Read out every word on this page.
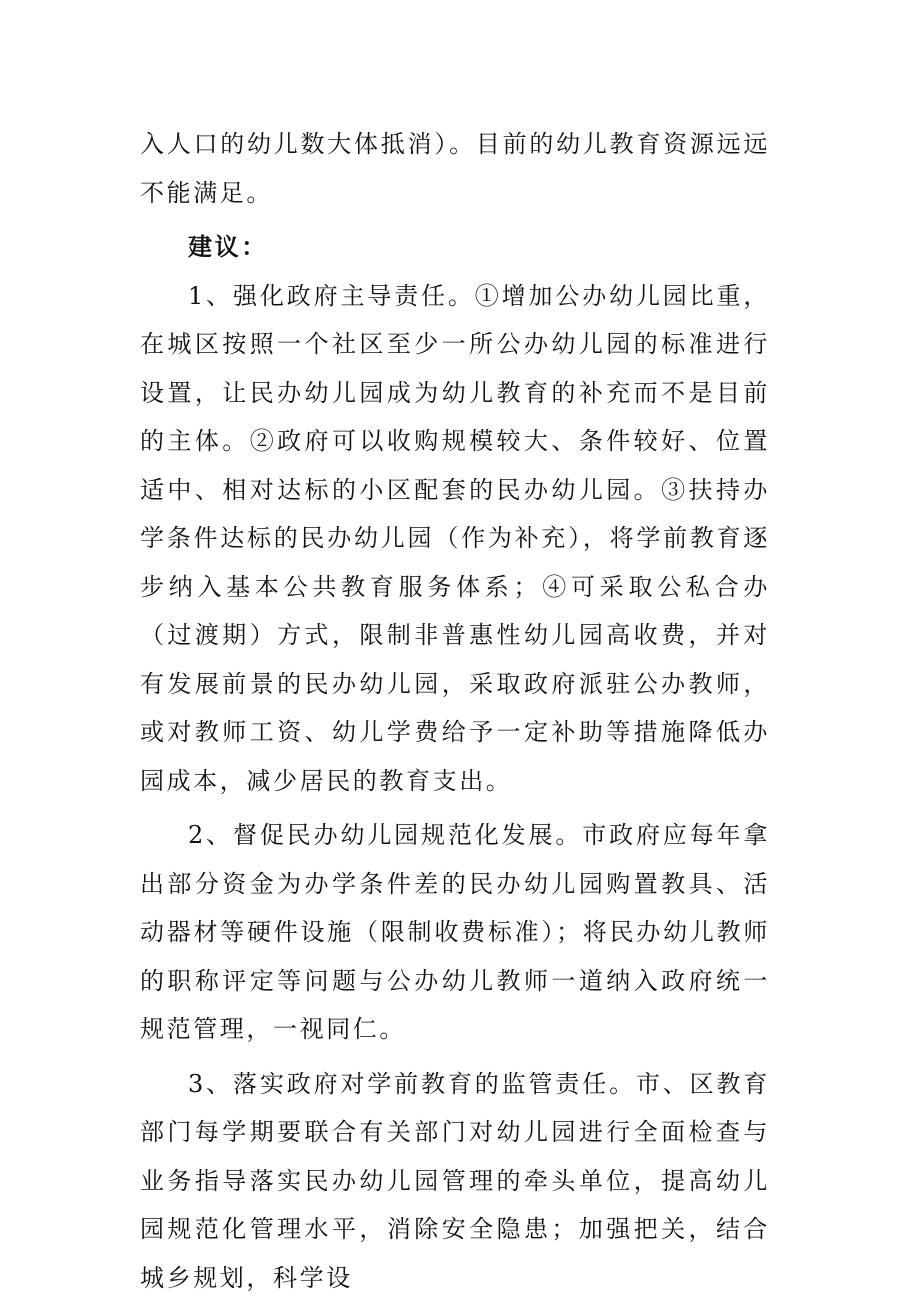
入人口的幼儿数大体抵消）。目前的幼儿教育资源远远不能满足。

建议：

1、强化政府主导责任。①增加公办幼儿园比重，在城区按照一个社区至少一所公办幼儿园的标准进行设置，让民办幼儿园成为幼儿教育的补充而不是目前的主体。②政府可以收购规模较大、条件较好、位置适中、相对达标的小区配套的民办幼儿园。③扶持办学条件达标的民办幼儿园（作为补充），将学前教育逐步纳入基本公共教育服务体系；④可采取公私合办（过渡期）方式，限制非普惠性幼儿园高收费，并对有发展前景的民办幼儿园，采取政府派驻公办教师，或对教师工资、幼儿学费给予一定补助等措施降低办园成本，减少居民的教育支出。

2、督促民办幼儿园规范化发展。市政府应每年拿出部分资金为办学条件差的民办幼儿园购置教具、活动器材等硬件设施（限制收费标准）；将民办幼儿教师的职称评定等问题与公办幼儿教师一道纳入政府统一规范管理，一视同仁。

3、落实政府对学前教育的监管责任。市、区教育部门每学期要联合有关部门对幼儿园进行全面检查与业务指导落实民办幼儿园管理的牵头单位，提高幼儿园规范化管理水平，消除安全隐患；加强把关，结合城乡规划，科学设
